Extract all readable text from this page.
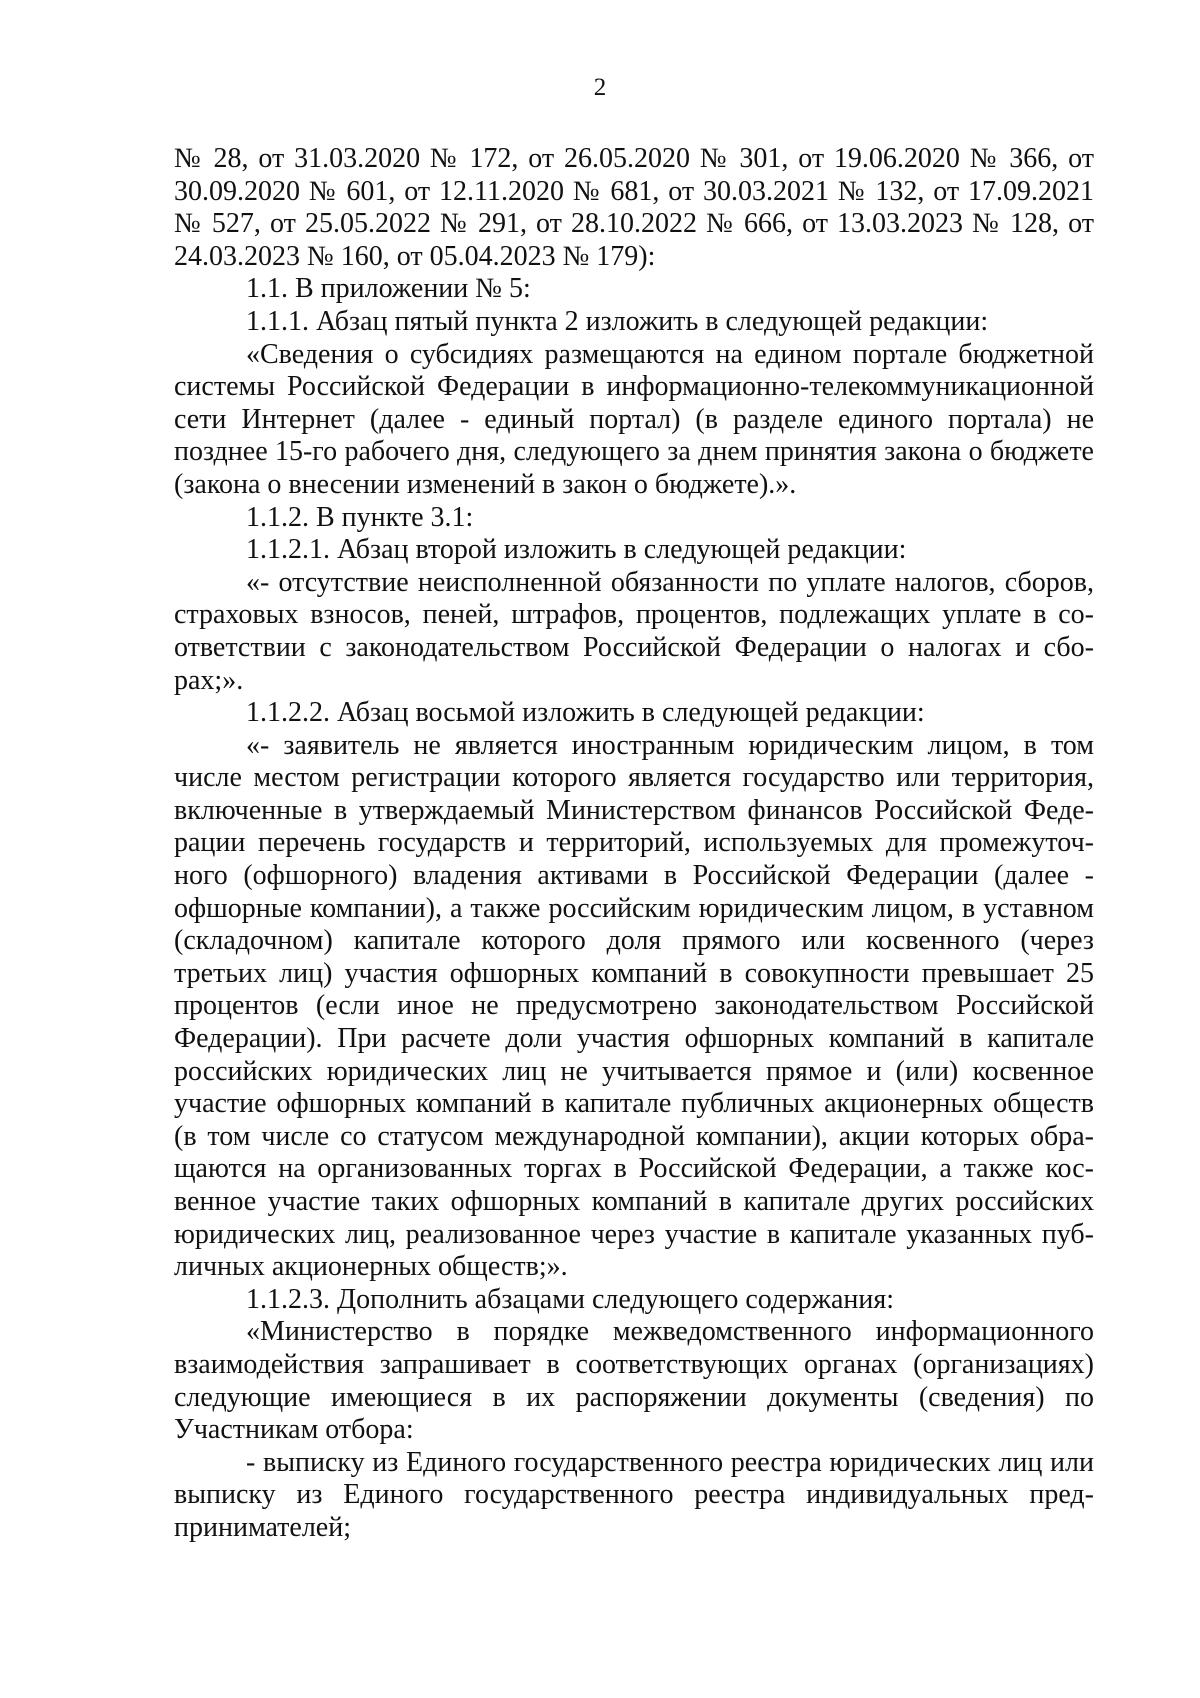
2

№ 28, от 31.03.2020 № 172, от 26.05.2020 № 301, от 19.06.2020 № 366, от 30.09.2020 № 601, от 12.11.2020 № 681, от 30.03.2021 № 132, от 17.09.2021 № 527, от 25.05.2022 № 291, от 28.10.2022 № 666, от 13.03.2023 № 128, от 24.03.2023 № 160, от 05.04.2023 № 179):

1.1. В приложении № 5:

1.1.1. Абзац пятый пункта 2 изложить в следующей редакции:

«Сведения о субсидиях размещаются на едином портале бюджетной системы Российской Федерации в информационно-телекоммуникационной сети Интернет (далее - единый портал) (в разделе единого портала) не позднее 15-го рабочего дня, следующего за днем принятия закона о бюджете (закона о внесении изменений в закон о бюджете).».

1.1.2. В пункте 3.1:

1.1.2.1. Абзац второй изложить в следующей редакции:

«- отсутствие неисполненной обязанности по уплате налогов, сборов, страховых взносов, пеней, штрафов, процентов, подлежащих уплате в соответствии с законодательством Российской Федерации о налогах и сборах;».

1.1.2.2. Абзац восьмой изложить в следующей редакции:

«- заявитель не является иностранным юридическим лицом, в том числе местом регистрации которого является государство или территория, включенные в утверждаемый Министерством финансов Российской Федерации перечень государств и территорий, используемых для промежуточного (офшорного) владения активами в Российской Федерации (далее - офшорные компании), а также российским юридическим лицом, в уставном (складочном) капитале которого доля прямого или косвенного (через третьих лиц) участия офшорных компаний в совокупности превышает 25 процентов (если иное не предусмотрено законодательством Российской Федерации). При расчете доли участия офшорных компаний в капитале российских юридических лиц не учитывается прямое и (или) косвенное участие офшорных компаний в капитале публичных акционерных обществ (в том числе со статусом международной компании), акции которых обращаются на организованных торгах в Российской Федерации, а также косвенное участие таких офшорных компаний в капитале других российских юридических лиц, реализованное через участие в капитале указанных публичных акционерных обществ;».

1.1.2.3. Дополнить абзацами следующего содержания:

«Министерство в порядке межведомственного информационного взаимодействия запрашивает в соответствующих органах (организациях) следующие имеющиеся в их распоряжении документы (сведения) по Участникам отбора:

- выписку из Единого государственного реестра юридических лиц или выписку из Единого государственного реестра индивидуальных предпринимателей;
